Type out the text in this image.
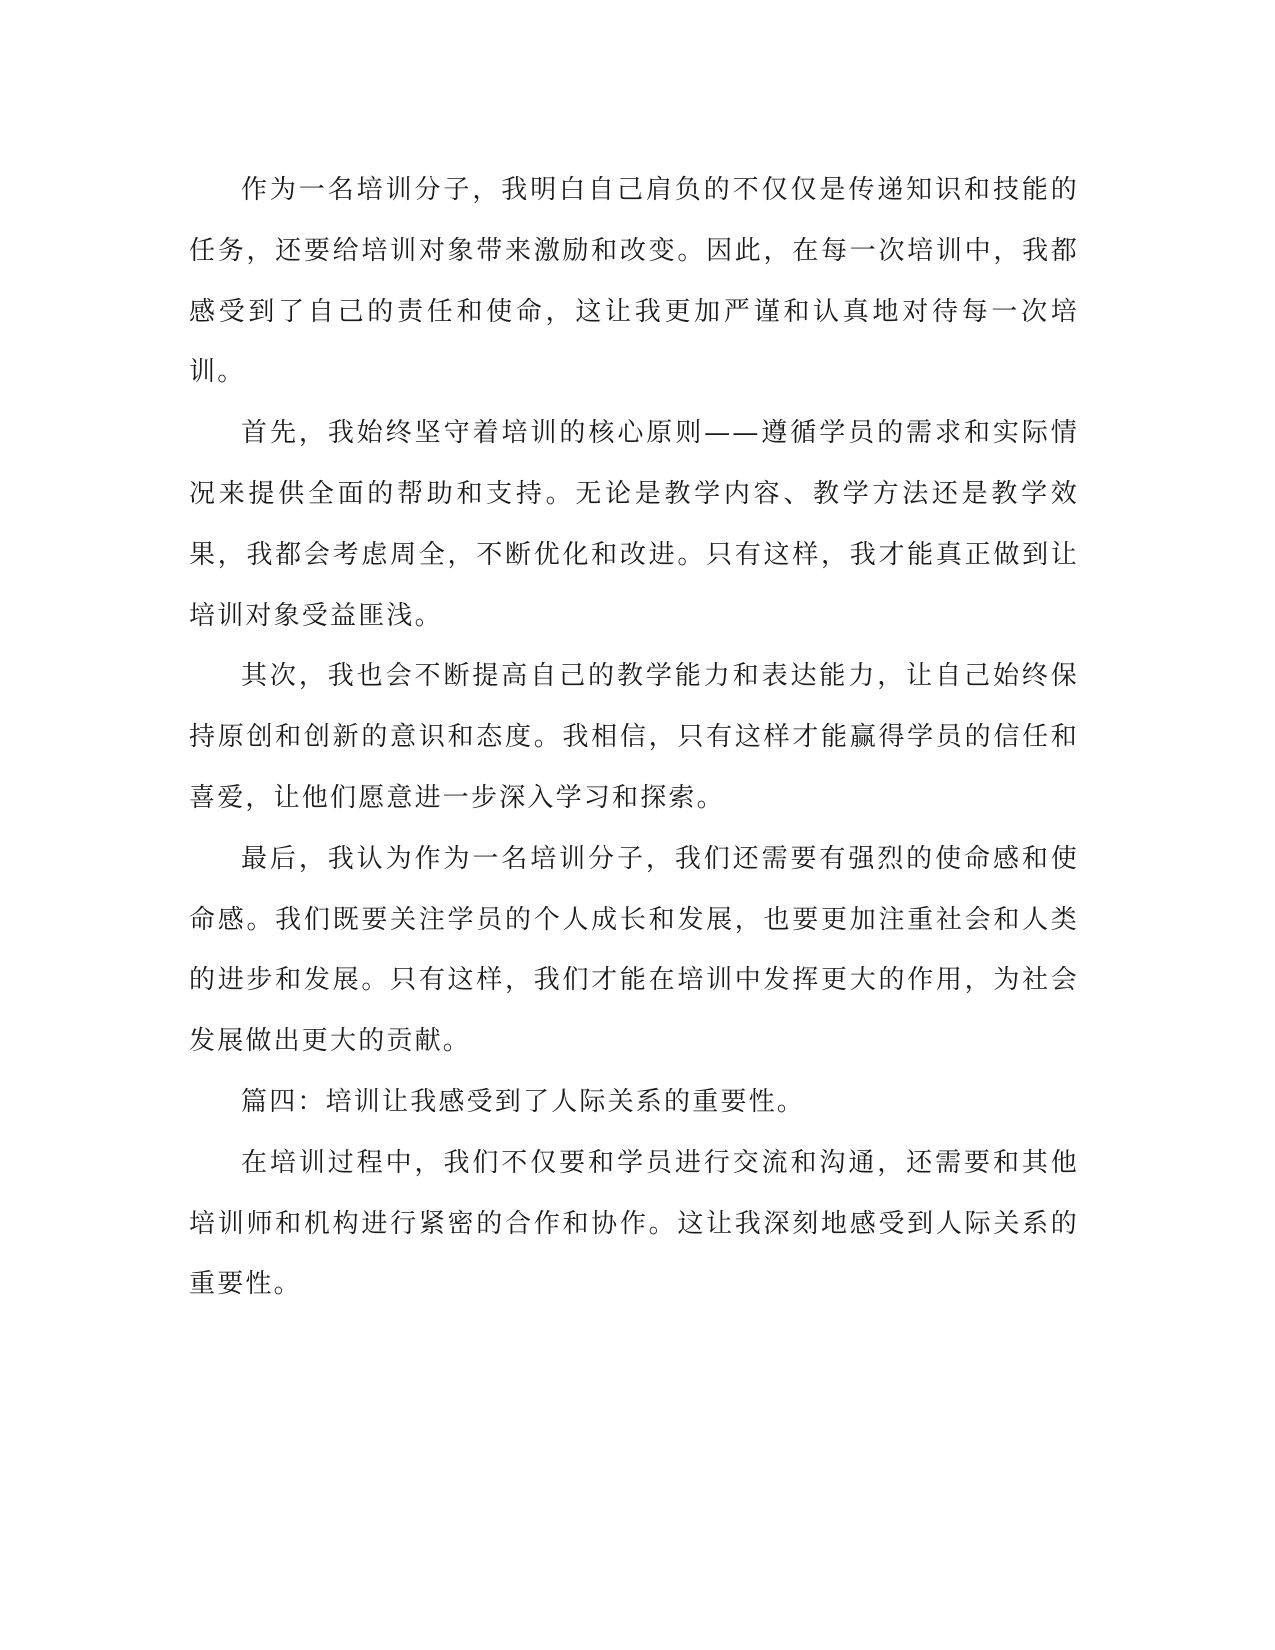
作为一名培训分子，我明白自己肩负的不仅仅是传递知识和技能的任务，还要给培训对象带来激励和改变。因此，在每一次培训中，我都感受到了自己的责任和使命，这让我更加严谨和认真地对待每一次培训。

首先，我始终坚守着培训的核心原则——遵循学员的需求和实际情况来提供全面的帮助和支持。无论是教学内容、教学方法还是教学效果，我都会考虑周全，不断优化和改进。只有这样，我才能真正做到让培训对象受益匪浅。

其次，我也会不断提高自己的教学能力和表达能力，让自己始终保持原创和创新的意识和态度。我相信，只有这样才能赢得学员的信任和喜爱，让他们愿意进一步深入学习和探索。

最后，我认为作为一名培训分子，我们还需要有强烈的使命感和使命感。我们既要关注学员的个人成长和发展，也要更加注重社会和人类的进步和发展。只有这样，我们才能在培训中发挥更大的作用，为社会发展做出更大的贡献。

篇四：培训让我感受到了人际关系的重要性。

在培训过程中，我们不仅要和学员进行交流和沟通，还需要和其他培训师和机构进行紧密的合作和协作。这让我深刻地感受到人际关系的重要性。
